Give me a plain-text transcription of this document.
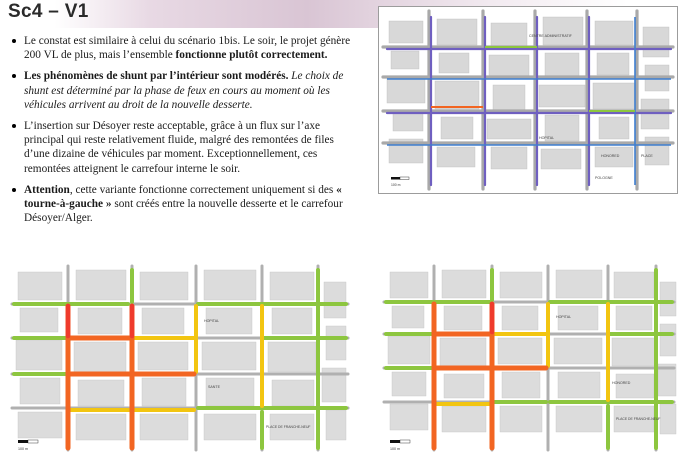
Sc4 – V1
Le constat est similaire à celui du scénario 1bis. Le soir, le projet génère 200 VL de plus, mais l’ensemble fonctionne plutôt correctement.
Les phénomènes de shunt par l’intérieur sont modérés. Le choix de shunt est déterminé par la phase de feux en cours au moment où les véhicules arrivent au droit de la nouvelle desserte.
L’insertion sur Désoyer reste acceptable, grâce à un flux sur l’axe principal qui reste relativement fluide, malgré des remontées de files d’une dizaine de véhicules par moment. Exceptionnellement, ces remontées atteignent le carrefour interne le soir.
Attention, cette variante fonctionne correctement uniquement si des « tourne-à-gauche » sont créés entre la nouvelle desserte et le carrefour Désoyer/Alger.
CENTRE ADMINISTRATIF
HOPITAL
HONORED	PLACE
POLOGNE
100 m
HOPITAL
SANTE
PLACE DE FRANCHE-NEUF
100 m
HOPITAL
HONORED
PLACE DE FRANCHE-NEUF
100 m
